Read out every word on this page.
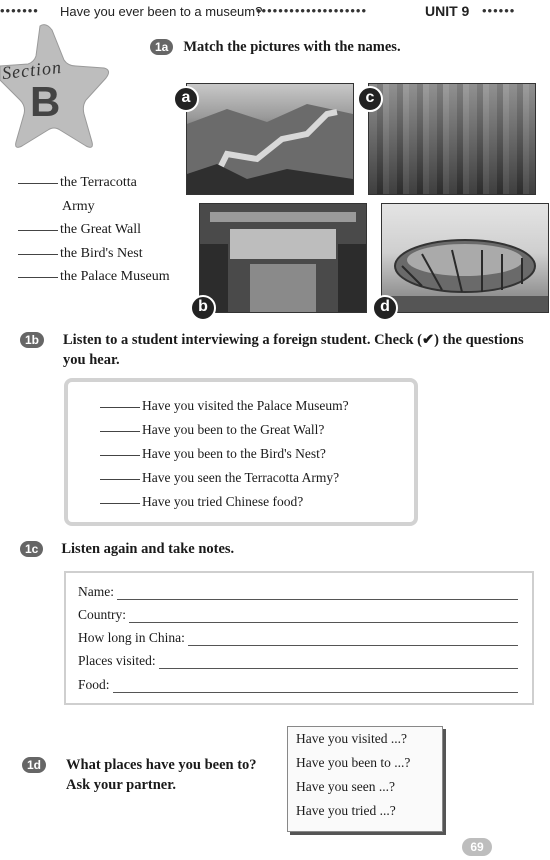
••••••• Have you ever been to a museum?
••••••••••••••••••••	UNIT 9 ••••••
Section
B
1a Match the pictures with the names.
the Terracotta
Army
the Great Wall
the Bird's Nest
the Palace Museum
a	c
b	d
1b	Listen to a student interviewing a foreign student. Check (✔) the questions you hear.
Have you visited the Palace Museum?
Have you been to the Great Wall?
Have you been to the Bird's Nest?
Have you seen the Terracotta Army?
Have you tried Chinese food?
1c Listen again and take notes.
Name:
Country:
How long in China:
Places visited:
Food:
1d	What places have you been to?
Ask your partner.
Have you visited ...?
Have you been to ...?
Have you seen ...?
Have you tried ...?
69
